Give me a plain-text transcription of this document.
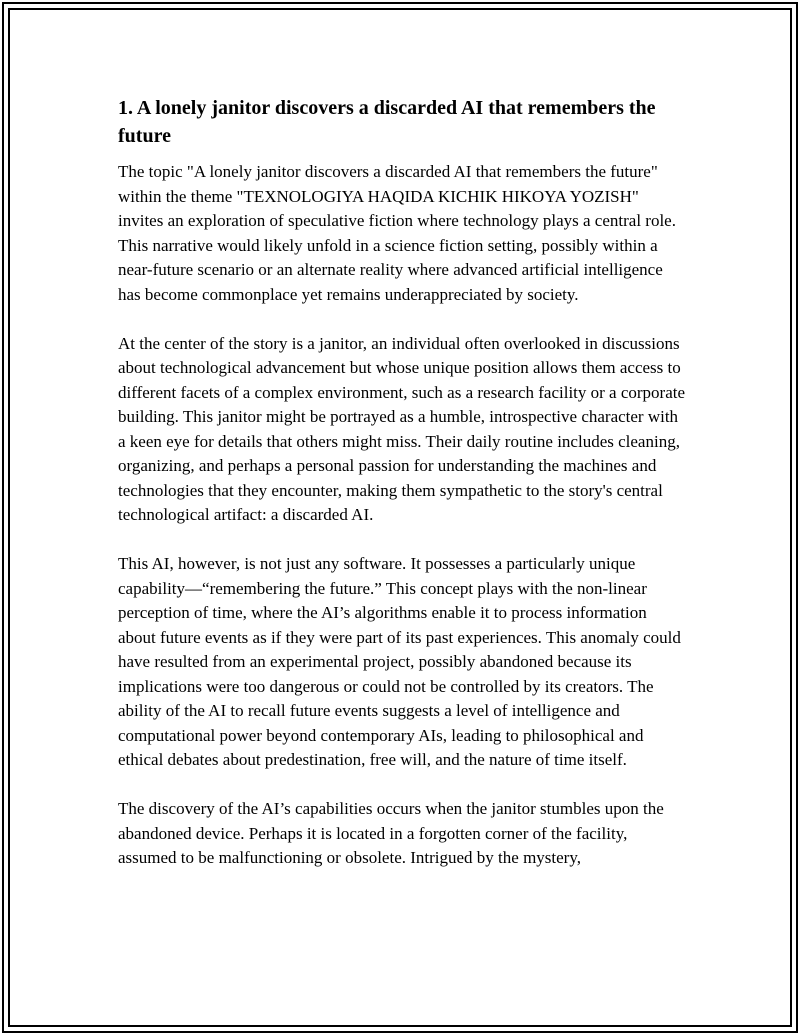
1. A lonely janitor discovers a discarded AI that remembers the future

The topic "A lonely janitor discovers a discarded AI that remembers the future" within the theme "TEXNOLOGIYA HAQIDA KICHIK HIKOYA YOZISH" invites an exploration of speculative fiction where technology plays a central role. This narrative would likely unfold in a science fiction setting, possibly within a near-future scenario or an alternate reality where advanced artificial intelligence has become commonplace yet remains underappreciated by society.

At the center of the story is a janitor, an individual often overlooked in discussions about technological advancement but whose unique position allows them access to different facets of a complex environment, such as a research facility or a corporate building. This janitor might be portrayed as a humble, introspective character with a keen eye for details that others might miss. Their daily routine includes cleaning, organizing, and perhaps a personal passion for understanding the machines and technologies that they encounter, making them sympathetic to the story's central technological artifact: a discarded AI.

This AI, however, is not just any software. It possesses a particularly unique capability—“remembering the future.” This concept plays with the non-linear perception of time, where the AI’s algorithms enable it to process information about future events as if they were part of its past experiences. This anomaly could have resulted from an experimental project, possibly abandoned because its implications were too dangerous or could not be controlled by its creators. The ability of the AI to recall future events suggests a level of intelligence and computational power beyond contemporary AIs, leading to philosophical and ethical debates about predestination, free will, and the nature of time itself.

The discovery of the AI’s capabilities occurs when the janitor stumbles upon the abandoned device. Perhaps it is located in a forgotten corner of the facility, assumed to be malfunctioning or obsolete. Intrigued by the mystery,
